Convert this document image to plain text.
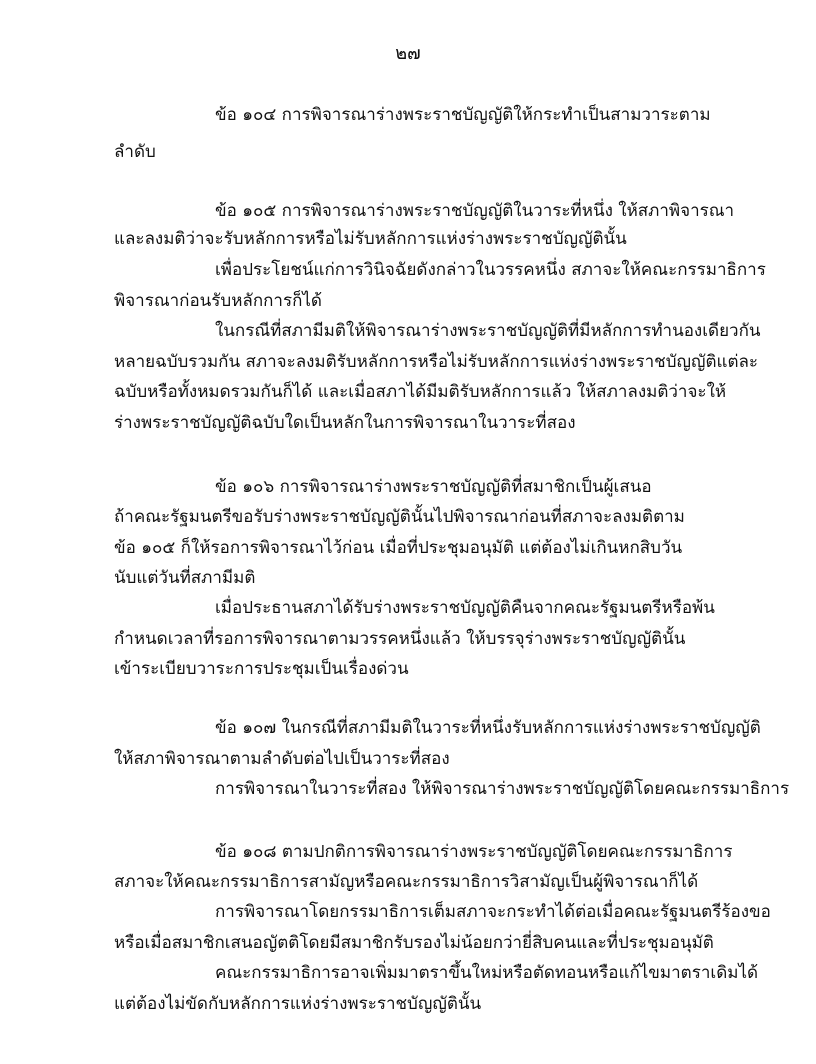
๒๗
ข้อ ๑๐๔ การพิจารณาร่างพระราชบัญญัติให้กระทำเป็นสามวาระตาม
ลำดับ
ข้อ ๑๐๕ การพิจารณาร่างพระราชบัญญัติในวาระที่หนึ่ง ให้สภาพิจารณา
และลงมติว่าจะรับหลักการหรือไม่รับหลักการแห่งร่างพระราชบัญญัตินั้น
เพื่อประโยชน์แก่การวินิจฉัยดังกล่าวในวรรคหนึ่ง สภาจะให้คณะกรรมาธิการ
พิจารณาก่อนรับหลักการก็ได้
ในกรณีที่สภามีมติให้พิจารณาร่างพระราชบัญญัติที่มีหลักการทำนองเดียวกัน
หลายฉบับรวมกัน สภาจะลงมติรับหลักการหรือไม่รับหลักการแห่งร่างพระราชบัญญัติแต่ละ
ฉบับหรือทั้งหมดรวมกันก็ได้ และเมื่อสภาได้มีมติรับหลักการแล้ว ให้สภาลงมติว่าจะให้
ร่างพระราชบัญญัติฉบับใดเป็นหลักในการพิจารณาในวาระที่สอง
ข้อ ๑๐๖ การพิจารณาร่างพระราชบัญญัติที่สมาชิกเป็นผู้เสนอ
ถ้าคณะรัฐมนตรีขอรับร่างพระราชบัญญัตินั้นไปพิจารณาก่อนที่สภาจะลงมติตาม
ข้อ ๑๐๕ ก็ให้รอการพิจารณาไว้ก่อน เมื่อที่ประชุมอนุมัติ แต่ต้องไม่เกินหกสิบวัน
นับแต่วันที่สภามีมติ
เมื่อประธานสภาได้รับร่างพระราชบัญญัติคืนจากคณะรัฐมนตรีหรือพ้น
กำหนดเวลาที่รอการพิจารณาตามวรรคหนึ่งแล้ว ให้บรรจุร่างพระราชบัญญัตินั้น
เข้าระเบียบวาระการประชุมเป็นเรื่องด่วน
ข้อ ๑๐๗ ในกรณีที่สภามีมติในวาระที่หนึ่งรับหลักการแห่งร่างพระราชบัญญัติ
ให้สภาพิจารณาตามลำดับต่อไปเป็นวาระที่สอง
การพิจารณาในวาระที่สอง ให้พิจารณาร่างพระราชบัญญัติโดยคณะกรรมาธิการ
ข้อ ๑๐๘ ตามปกติการพิจารณาร่างพระราชบัญญัติโดยคณะกรรมาธิการ
สภาจะให้คณะกรรมาธิการสามัญหรือคณะกรรมาธิการวิสามัญเป็นผู้พิจารณาก็ได้
การพิจารณาโดยกรรมาธิการเต็มสภาจะกระทำได้ต่อเมื่อคณะรัฐมนตรีร้องขอ
หรือเมื่อสมาชิกเสนอญัตติโดยมีสมาชิกรับรองไม่น้อยกว่ายี่สิบคนและที่ประชุมอนุมัติ
คณะกรรมาธิการอาจเพิ่มมาตราขึ้นใหม่หรือตัดทอนหรือแก้ไขมาตราเดิมได้
แต่ต้องไม่ขัดกับหลักการแห่งร่างพระราชบัญญัตินั้น
